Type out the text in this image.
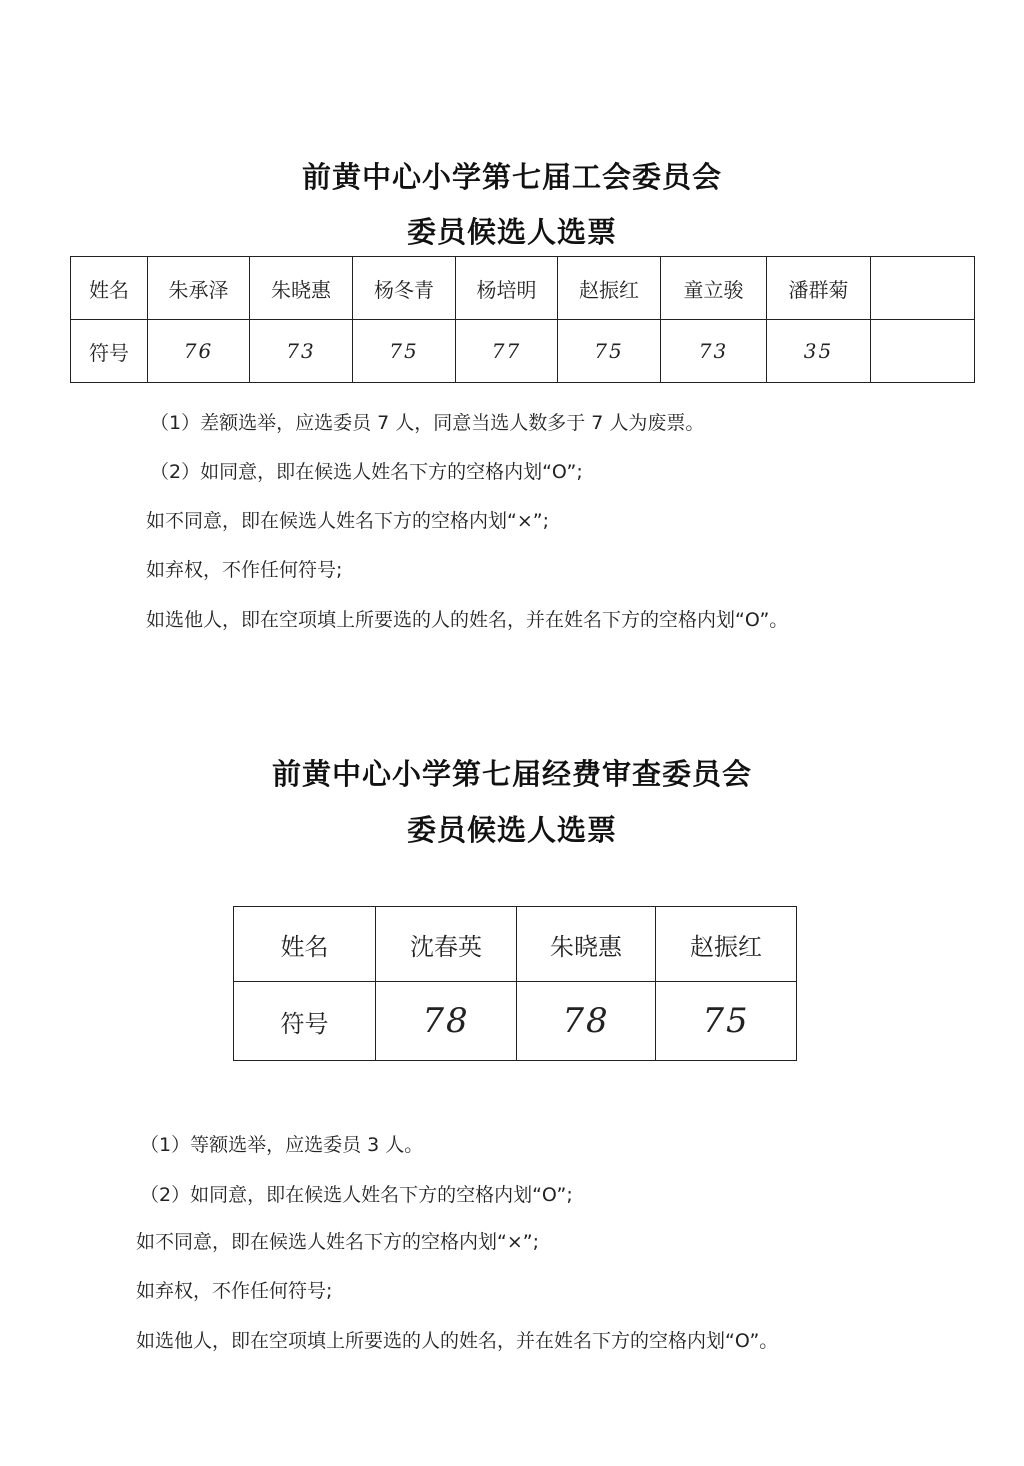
前黄中心小学第七届工会委员会
委员候选人选票
姓名	朱承泽	朱晓惠	杨冬青	杨培明	赵振红	童立骏	潘群菊	
符号	76	73	75	77	75	73	35	
（1）差额选举，应选委员 7 人，同意当选人数多于 7 人为废票。
（2）如同意，即在候选人姓名下方的空格内划“O”;
如不同意，即在候选人姓名下方的空格内划“×”;
如弃权，不作任何符号;
如选他人，即在空项填上所要选的人的姓名，并在姓名下方的空格内划“O”。
前黄中心小学第七届经费审查委员会
委员候选人选票
姓名	沈春英	朱晓惠	赵振红
符号	78	78	75
（1）等额选举，应选委员 3 人。
（2）如同意，即在候选人姓名下方的空格内划“O”;
如不同意，即在候选人姓名下方的空格内划“×”;
如弃权，不作任何符号;
如选他人，即在空项填上所要选的人的姓名，并在姓名下方的空格内划“O”。
